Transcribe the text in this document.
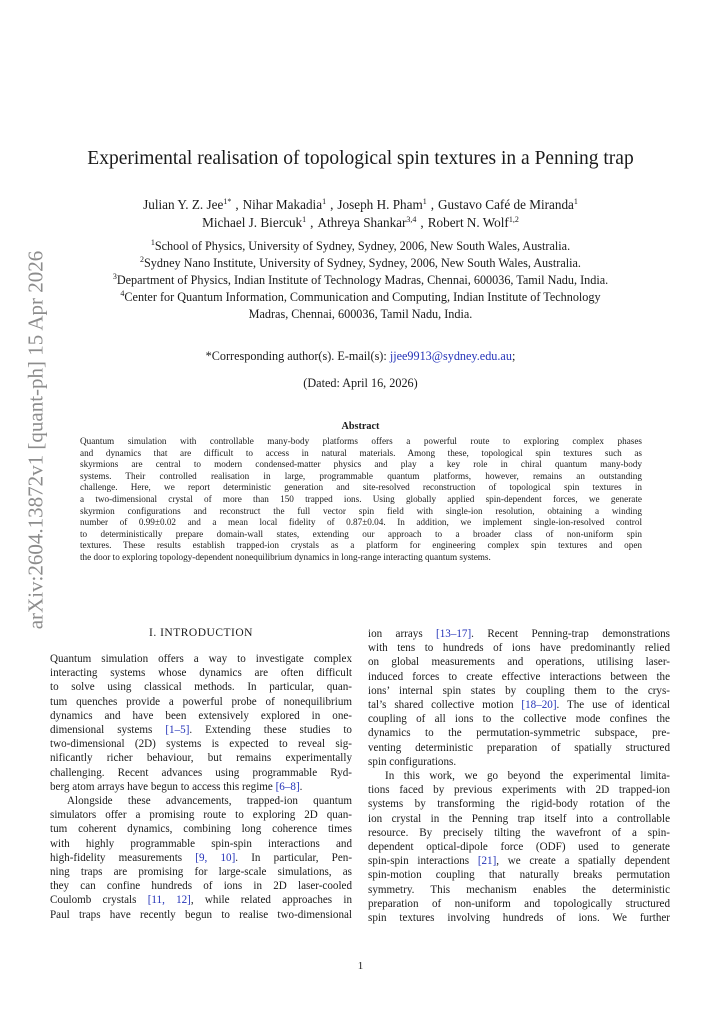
Experimental realisation of topological spin textures in a Penning trap
Julian Y. Z. Jee$^{1*}$ , Nihar Makadia$^1$ , Joseph H. Pham$^1$ , Gustavo Café de Miranda$^1$
Michael J. Biercuk$^1$ , Athreya Shankar$^{3,4}$ , Robert N. Wolf$^{1,2}$
$^1$School of Physics, University of Sydney, Sydney, 2006, New South Wales, Australia.
$^2$Sydney Nano Institute, University of Sydney, Sydney, 2006, New South Wales, Australia.
$^3$Department of Physics, Indian Institute of Technology Madras, Chennai, 600036, Tamil Nadu, India.
$^4$Center for Quantum Information, Communication and Computing, Indian Institute of Technology
Madras, Chennai, 600036, Tamil Nadu, India.
*Corresponding author(s). E-mail(s): jjee9913@sydney.edu.au;
(Dated: April 16, 2026)
Abstract
Quantum simulation with controllable many-body platforms offers a powerful route to exploring complex phases
and dynamics that are difficult to access in natural materials. Among these, topological spin textures such as
skyrmions are central to modern condensed-matter physics and play a key role in chiral quantum many-body
systems. Their controlled realisation in large, programmable quantum platforms, however, remains an outstanding
challenge. Here, we report deterministic generation and site-resolved reconstruction of topological spin textures in
a two-dimensional crystal of more than 150 trapped ions. Using globally applied spin-dependent forces, we generate
skyrmion configurations and reconstruct the full vector spin field with single-ion resolution, obtaining a winding
number of 0.99±0.02 and a mean local fidelity of 0.87±0.04. In addition, we implement single-ion-resolved control
to deterministically prepare domain-wall states, extending our approach to a broader class of non-uniform spin
textures. These results establish trapped-ion crystals as a platform for engineering complex spin textures and open
the door to exploring topology-dependent nonequilibrium dynamics in long-range interacting quantum systems.
arXiv:2604.13872v1 [quant-ph] 15 Apr 2026
I. INTRODUCTION
Quantum simulation offers a way to investigate complex
interacting systems whose dynamics are often difficult
to solve using classical methods. In particular, quan-
tum quenches provide a powerful probe of nonequilibrium
dynamics and have been extensively explored in one-
dimensional systems [1–5]. Extending these studies to
two-dimensional (2D) systems is expected to reveal sig-
nificantly richer behaviour, but remains experimentally
challenging. Recent advances using programmable Ryd-
berg atom arrays have begun to access this regime [6–8].
Alongside these advancements, trapped-ion quantum
simulators offer a promising route to exploring 2D quan-
tum coherent dynamics, combining long coherence times
with highly programmable spin-spin interactions and
high-fidelity measurements [9, 10]. In particular, Pen-
ning traps are promising for large-scale simulations, as
they can confine hundreds of ions in 2D laser-cooled
Coulomb crystals [11, 12], while related approaches in
Paul traps have recently begun to realise two-dimensional
ion arrays [13–17]. Recent Penning-trap demonstrations
with tens to hundreds of ions have predominantly relied
on global measurements and operations, utilising laser-
induced forces to create effective interactions between the
ions’ internal spin states by coupling them to the crys-
tal’s shared collective motion [18–20]. The use of identical
coupling of all ions to the collective mode confines the
dynamics to the permutation-symmetric subspace, pre-
venting deterministic preparation of spatially structured
spin configurations.
In this work, we go beyond the experimental limita-
tions faced by previous experiments with 2D trapped-ion
systems by transforming the rigid-body rotation of the
ion crystal in the Penning trap itself into a controllable
resource. By precisely tilting the wavefront of a spin-
dependent optical-dipole force (ODF) used to generate
spin-spin interactions [21], we create a spatially dependent
spin-motion coupling that naturally breaks permutation
symmetry. This mechanism enables the deterministic
preparation of non-uniform and topologically structured
spin textures involving hundreds of ions. We further
1
